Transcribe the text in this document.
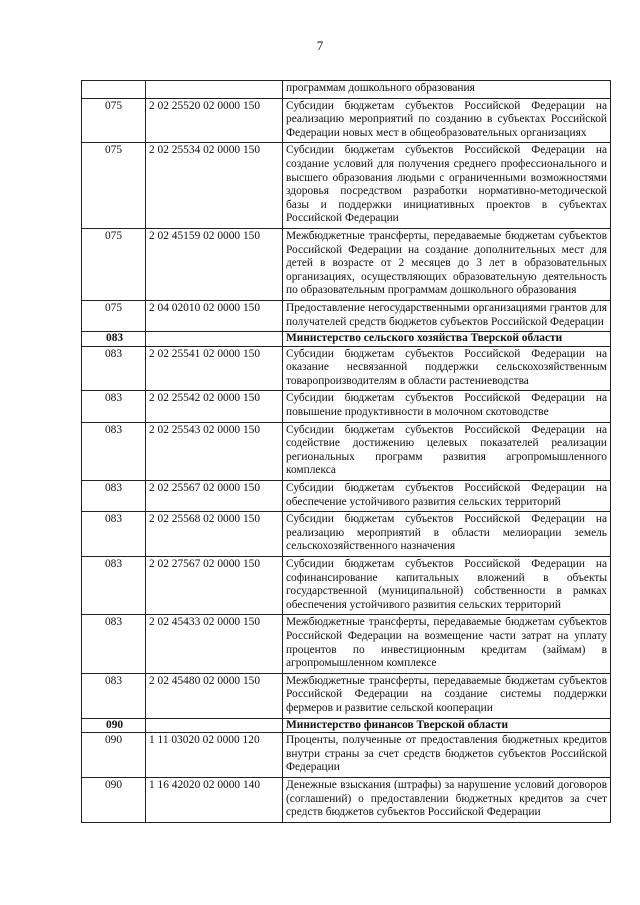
7
		программам дошкольного образования
075	2 02 25520 02 0000 150	Субсидии бюджетам субъектов Российской Федерации на реализацию мероприятий по созданию в субъектах Российской Федерации новых мест в общеобразовательных организациях
075	2 02 25534 02 0000 150	Субсидии бюджетам субъектов Российской Федерации на создание условий для получения среднего профессионального и высшего образования людьми с ограниченными возможностями здоровья посредством разработки нормативно-методической базы и поддержки инициативных проектов в субъектах Российской Федерации
075	2 02 45159 02 0000 150	Межбюджетные трансферты, передаваемые бюджетам субъектов Российской Федерации на создание дополнительных мест для детей в возрасте от 2 месяцев до 3 лет в образовательных организациях, осуществляющих образовательную деятельность по образовательным программам дошкольного образования
075	2 04 02010 02 0000 150	Предоставление негосударственными организациями грантов для получателей средств бюджетов субъектов Российской Федерации
083		Министерство сельского хозяйства Тверской области
083	2 02 25541 02 0000 150	Субсидии бюджетам субъектов Российской Федерации на оказание несвязанной поддержки сельскохозяйственным товаропроизводителям в области растениеводства
083	2 02 25542 02 0000 150	Субсидии бюджетам субъектов Российской Федерации на повышение продуктивности в молочном скотоводстве
083	2 02 25543 02 0000 150	Субсидии бюджетам субъектов Российской Федерации на содействие достижению целевых показателей реализации региональных программ развития агропромышленного комплекса
083	2 02 25567 02 0000 150	Субсидии бюджетам субъектов Российской Федерации на обеспечение устойчивого развития сельских территорий
083	2 02 25568 02 0000 150	Субсидии бюджетам субъектов Российской Федерации на реализацию мероприятий в области мелиорации земель сельскохозяйственного назначения
083	2 02 27567 02 0000 150	Субсидии бюджетам субъектов Российской Федерации на софинансирование капитальных вложений в объекты государственной (муниципальной) собственности в рамках обеспечения устойчивого развития сельских территорий
083	2 02 45433 02 0000 150	Межбюджетные трансферты, передаваемые бюджетам субъектов Российской Федерации на возмещение части затрат на уплату процентов по инвестиционным кредитам (займам) в агропромышленном комплексе
083	2 02 45480 02 0000 150	Межбюджетные трансферты, передаваемые бюджетам субъектов Российской Федерации на создание системы поддержки фермеров и развитие сельской кооперации
090		Министерство финансов Тверской области
090	1 11 03020 02 0000 120	Проценты, полученные от предоставления бюджетных кредитов внутри страны за счет средств бюджетов субъектов Российской Федерации
090	1 16 42020 02 0000 140	Денежные взыскания (штрафы) за нарушение условий договоров (соглашений) о предоставлении бюджетных кредитов за счет средств бюджетов субъектов Российской Федерации
